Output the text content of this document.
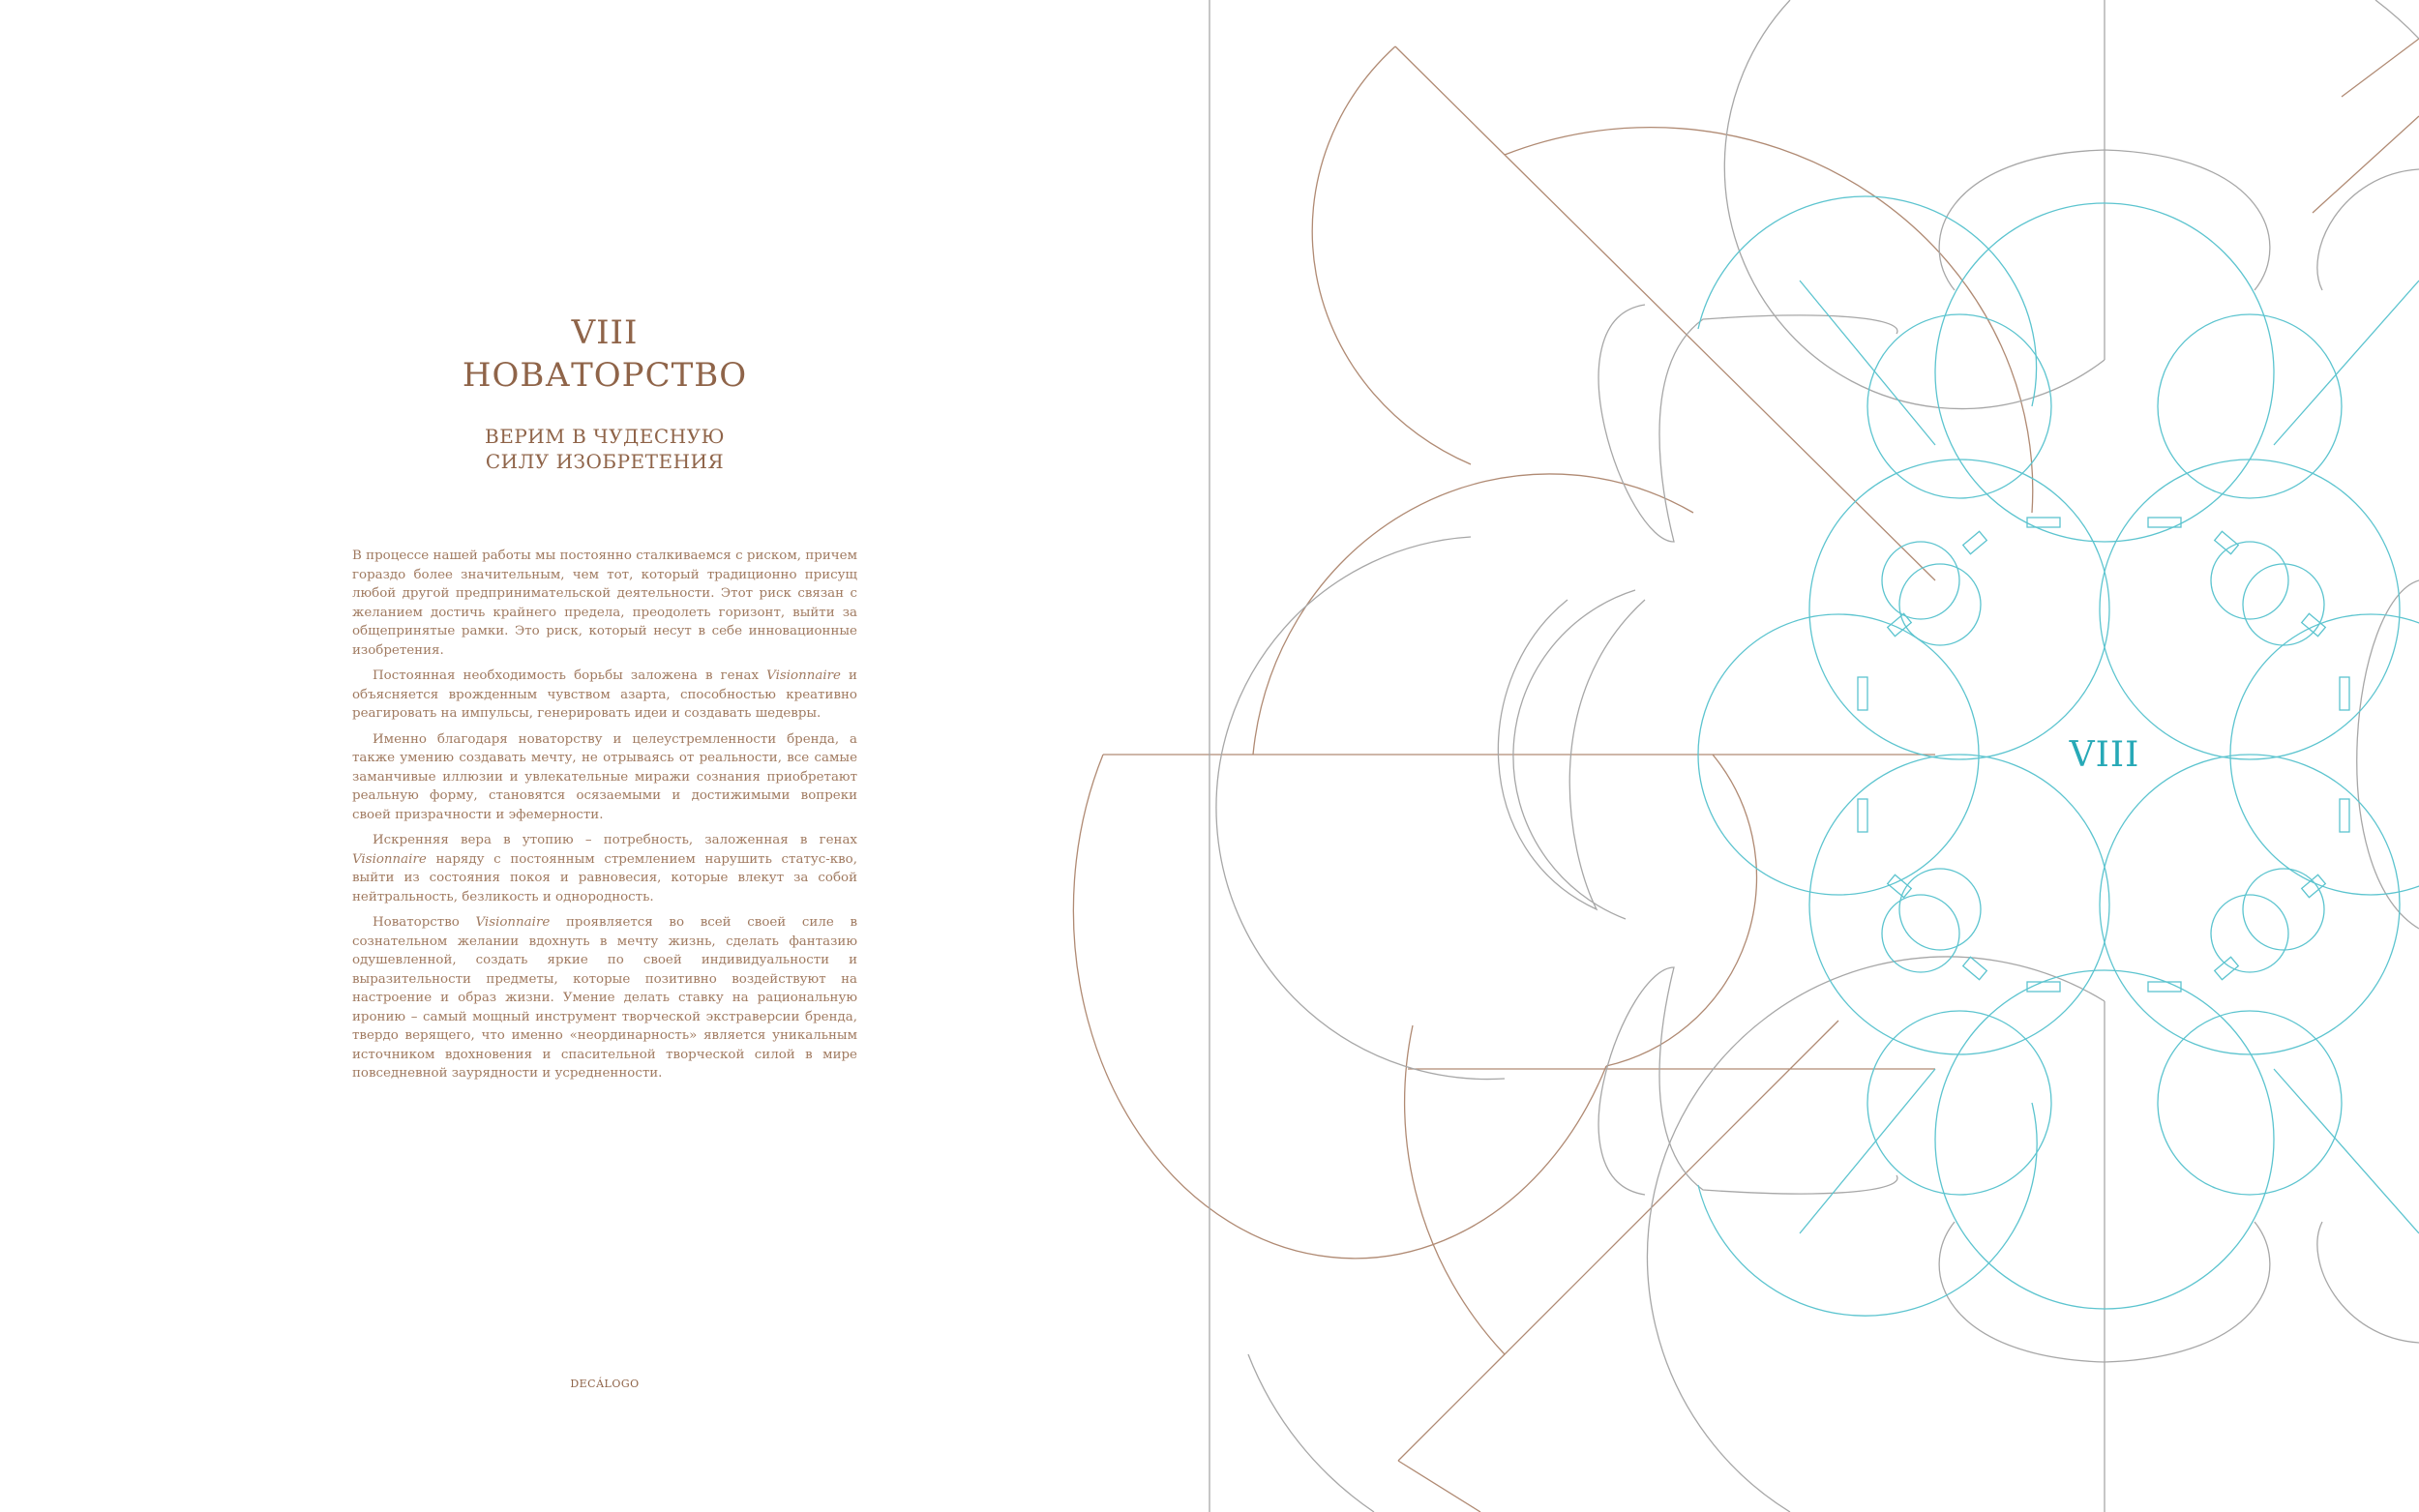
VIII
НОВАТОРСТВО
ВЕРИМ В ЧУДЕСНУЮ
СИЛУ ИЗОБРЕТЕНИЯ

В процессе нашей работы мы постоянно сталкиваемся с риском, причем гораздо более значительным, чем тот, который традиционно присущ любой другой предпринимательской деятельности. Этот риск связан с желанием достичь крайнего предела, преодолеть горизонт, выйти за общепринятые рамки. Это риск, который несут в себе инновационные изобретения.

Постоянная необходимость борьбы заложена в генах Visionnaire и объясняется врожденным чувством азарта, способностью креативно реагировать на импульсы, генерировать идеи и создавать шедевры.

Именно благодаря новаторству и целеустремленности бренда, а также умению создавать мечту, не отрываясь от реальности, все самые заманчивые иллюзии и увлекательные миражи сознания приобретают реальную форму, становятся осязаемыми и достижимыми вопреки своей призрачности и эфемерности.

Искренняя вера в утопию – потребность, заложенная в генах Visionnaire наряду с постоянным стремлением нарушить статус-кво, выйти из состояния покоя и равновесия, которые влекут за собой нейтральность, безликость и однородность.

Новаторство Visionnaire проявляется во всей своей силе в сознательном желании вдохнуть в мечту жизнь, сделать фантазию одушевленной, создать яркие по своей индивидуальности и выразительности предметы, которые позитивно воздействуют на настроение и образ жизни. Умение делать ставку на рациональную иронию – самый мощный инструмент творческой экстраверсии бренда, твердо верящего, что именно «неординарность» является уникальным источником вдохновения и спасительной творческой силой в мире повседневной заурядности и усредненности.

DECÁLOGO
VIII
